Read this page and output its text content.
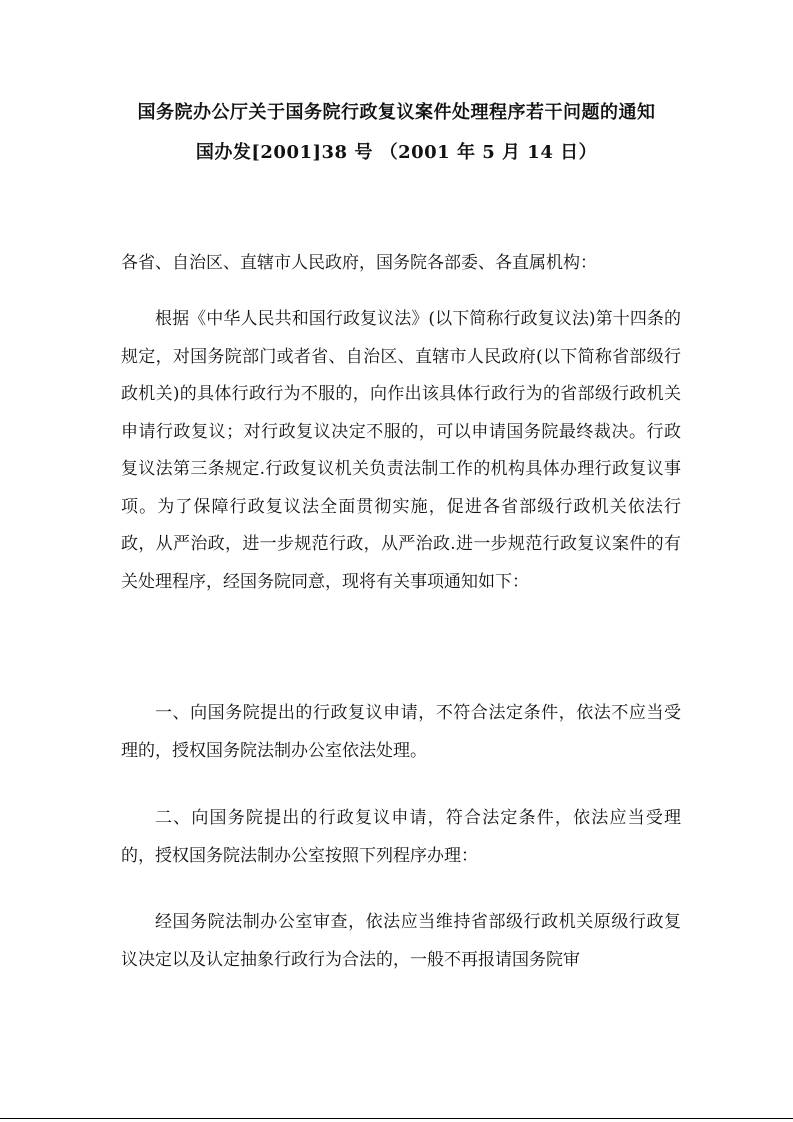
国务院办公厅关于国务院行政复议案件处理程序若干问题的通知
国办发[2001]38 号 （2001 年 5 月 14 日）
各省、自治区、直辖市人民政府，国务院各部委、各直属机构：

根据《中华人民共和国行政复议法》(以下简称行政复议法)第十四条的规定，对国务院部门或者省、自治区、直辖市人民政府(以下简称省部级行政机关)的具体行政行为不服的，向作出该具体行政行为的省部级行政机关申请行政复议；对行政复议决定不服的，可以申请国务院最终裁决。行政复议法第三条规定.行政复议机关负责法制工作的机构具体办理行政复议事项。为了保障行政复议法全面贯彻实施，促进各省部级行政机关依法行政，从严治政，进一步规范行政，从严治政.进一步规范行政复议案件的有关处理程序，经国务院同意，现将有关事项通知如下：

一、向国务院提出的行政复议申请，不符合法定条件，依法不应当受理的，授权国务院法制办公室依法处理。

二、向国务院提出的行政复议申请，符合法定条件，依法应当受理的，授权国务院法制办公室按照下列程序办理：

经国务院法制办公室审查，依法应当维持省部级行政机关原级行政复议决定以及认定抽象行政行为合法的，一般不再报请国务院审
